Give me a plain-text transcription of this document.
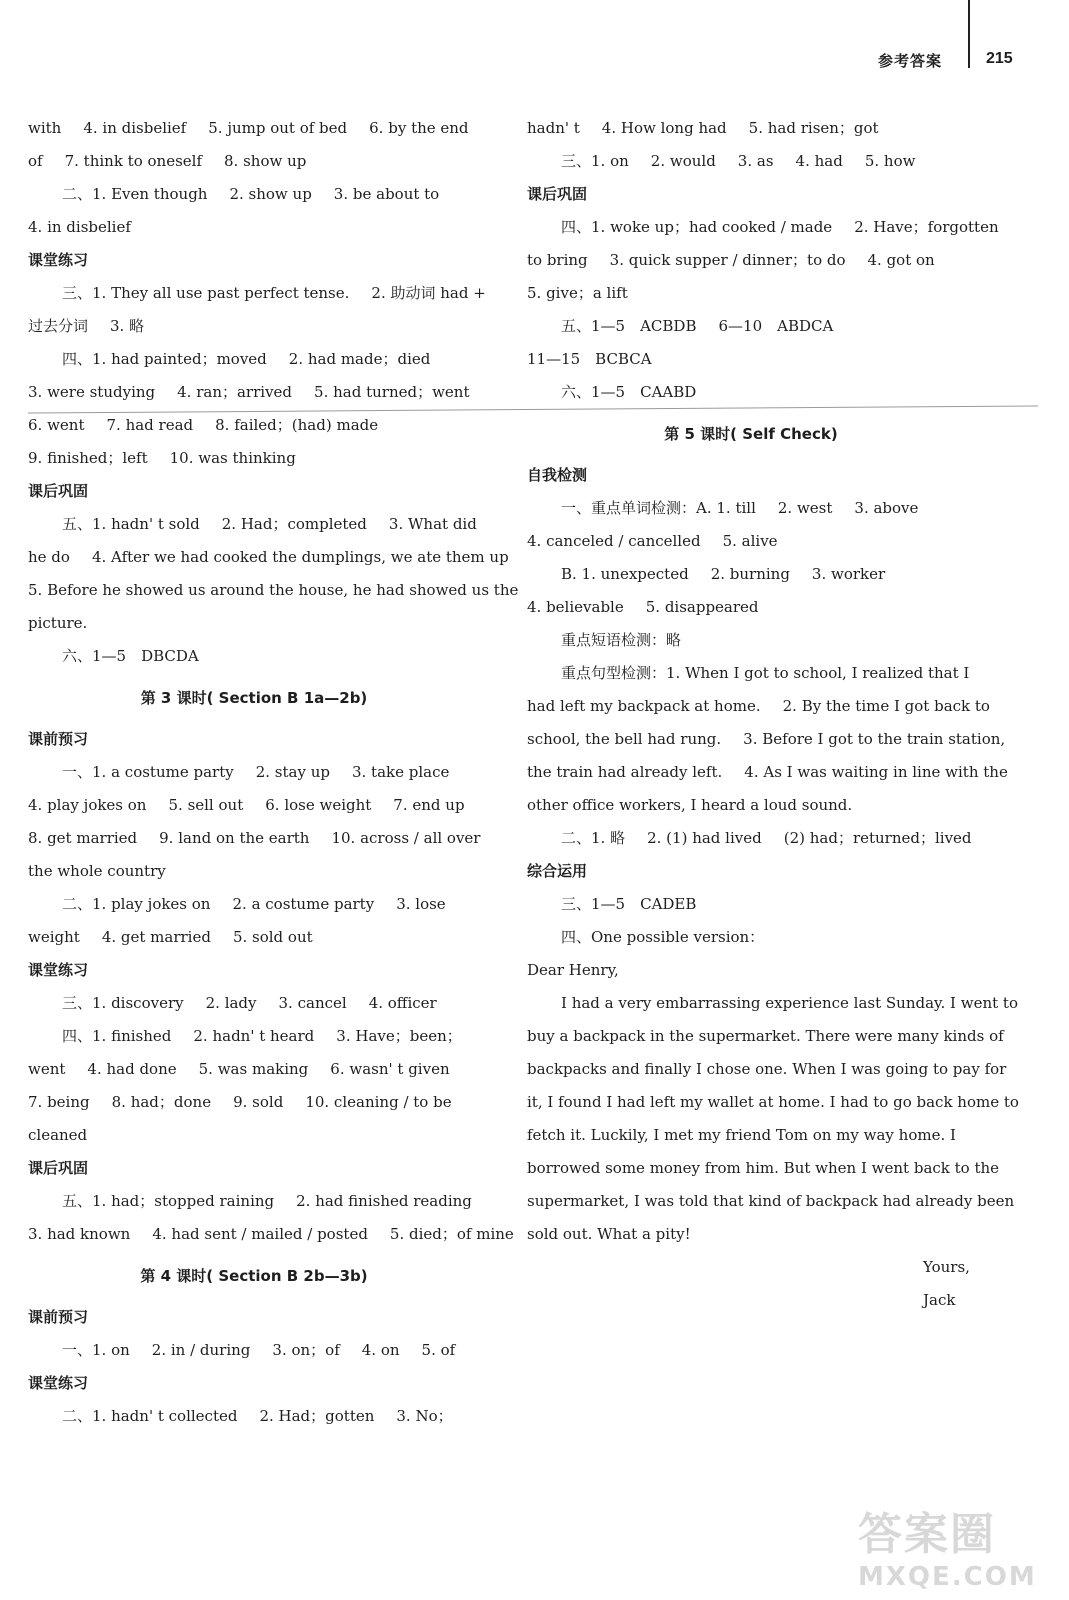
参考答案	215
with 4. in disbelief 5. jump out of bed 6. by the end
of 7. think to oneself 8. show up
二、1. Even though 2. show up 3. be about to
4. in disbelief
课堂练习
三、1. They all use past perfect tense. 2. 助动词 had +
过去分词 3. 略
四、1. had painted；moved 2. had made；died
3. were studying 4. ran；arrived 5. had turned；went
6. went 7. had read 8. failed；(had) made
9. finished；left 10. was thinking
课后巩固
五、1. hadn' t sold 2. Had；completed 3. What did
he do 4. After we had cooked the dumplings, we ate them up
5. Before he showed us around the house, he had showed us the
picture.
六、1—5　DBCDA
第 3 课时( Section B 1a—2b)
课前预习
一、1. a costume party 2. stay up 3. take place
4. play jokes on 5. sell out 6. lose weight 7. end up
8. get married 9. land on the earth 10. across / all over
the whole country
二、1. play jokes on 2. a costume party 3. lose
weight 4. get married 5. sold out
课堂练习
三、1. discovery 2. lady 3. cancel 4. officer
四、1. finished 2. hadn' t heard 3. Have；been；
went 4. had done 5. was making 6. wasn' t given
7. being 8. had；done 9. sold 10. cleaning / to be
cleaned
课后巩固
五、1. had；stopped raining 2. had finished reading
3. had known 4. had sent / mailed / posted 5. died；of mine
第 4 课时( Section B 2b—3b)
课前预习
一、1. on 2. in / during 3. on；of 4. on 5. of
课堂练习
二、1. hadn' t collected 2. Had；gotten 3. No；
hadn' t 4. How long had 5. had risen；got
三、1. on 2. would 3. as 4. had 5. how
课后巩固
四、1. woke up；had cooked / made 2. Have；forgotten
to bring 3. quick supper / dinner；to do 4. got on
5. give；a lift
五、1—5　ACBDB 6—10　ABDCA
11—15　BCBCA
六、1—5　CAABD
第 5 课时( Self Check)
自我检测
一、重点单词检测：A. 1. till 2. west 3. above
4. canceled / cancelled 5. alive
B. 1. unexpected 2. burning 3. worker
4. believable 5. disappeared
重点短语检测：略
重点句型检测：1. When I got to school, I realized that I
had left my backpack at home. 2. By the time I got back to
school, the bell had rung. 3. Before I got to the train station,
the train had already left. 4. As I was waiting in line with the
other office workers, I heard a loud sound.
二、1. 略 2. (1) had lived (2) had；returned；lived
综合运用
三、1—5　CADEB
四、One possible version：
Dear Henry,
I had a very embarrassing experience last Sunday. I went to
buy a backpack in the supermarket. There were many kinds of
backpacks and finally I chose one. When I was going to pay for
it, I found I had left my wallet at home. I had to go back home to
fetch it. Luckily, I met my friend Tom on my way home. I
borrowed some money from him. But when I went back to the
supermarket, I was told that kind of backpack had already been
sold out. What a pity!
Yours,
Jack
答案圈
MXQE.COM
